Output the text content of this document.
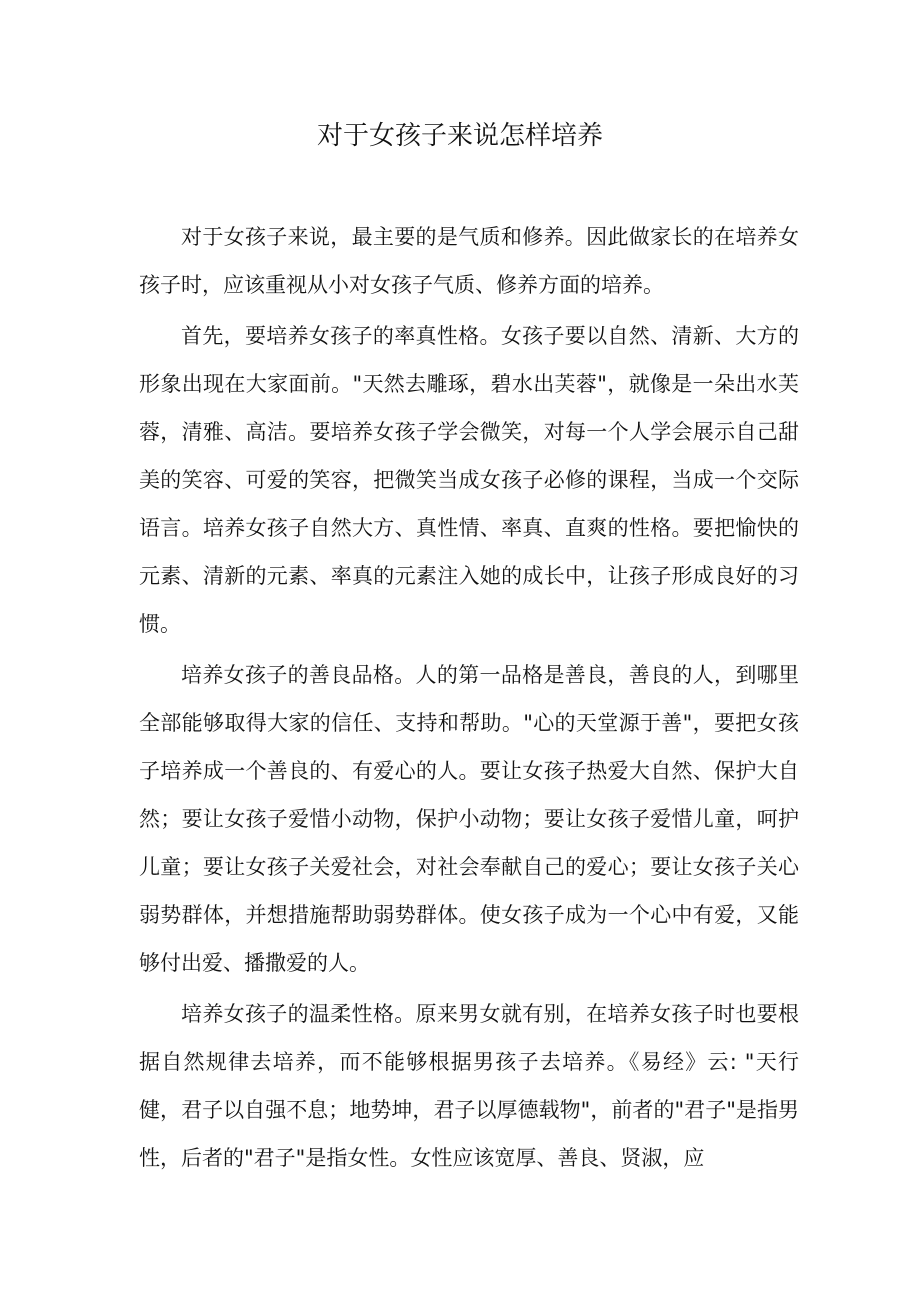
对于女孩子来说怎样培养

对于女孩子来说，最主要的是气质和修养。因此做家长的在培养女孩子时，应该重视从小对女孩子气质、修养方面的培养。

首先，要培养女孩子的率真性格。女孩子要以自然、清新、大方的形象出现在大家面前。"天然去雕琢，碧水出芙蓉"，就像是一朵出水芙蓉，清雅、高洁。要培养女孩子学会微笑，对每一个人学会展示自己甜美的笑容、可爱的笑容，把微笑当成女孩子必修的课程，当成一个交际语言。培养女孩子自然大方、真性情、率真、直爽的性格。要把愉快的元素、清新的元素、率真的元素注入她的成长中，让孩子形成良好的习惯。

培养女孩子的善良品格。人的第一品格是善良，善良的人，到哪里全部能够取得大家的信任、支持和帮助。"心的天堂源于善"，要把女孩子培养成一个善良的、有爱心的人。要让女孩子热爱大自然、保护大自然；要让女孩子爱惜小动物，保护小动物；要让女孩子爱惜儿童，呵护儿童；要让女孩子关爱社会，对社会奉献自己的爱心；要让女孩子关心弱势群体，并想措施帮助弱势群体。使女孩子成为一个心中有爱，又能够付出爱、播撒爱的人。

培养女孩子的温柔性格。原来男女就有别，在培养女孩子时也要根据自然规律去培养，而不能够根据男孩子去培养。《易经》云: "天行健，君子以自强不息；地势坤，君子以厚德载物"，前者的"君子"是指男性，后者的"君子"是指女性。女性应该宽厚、善良、贤淑，应
